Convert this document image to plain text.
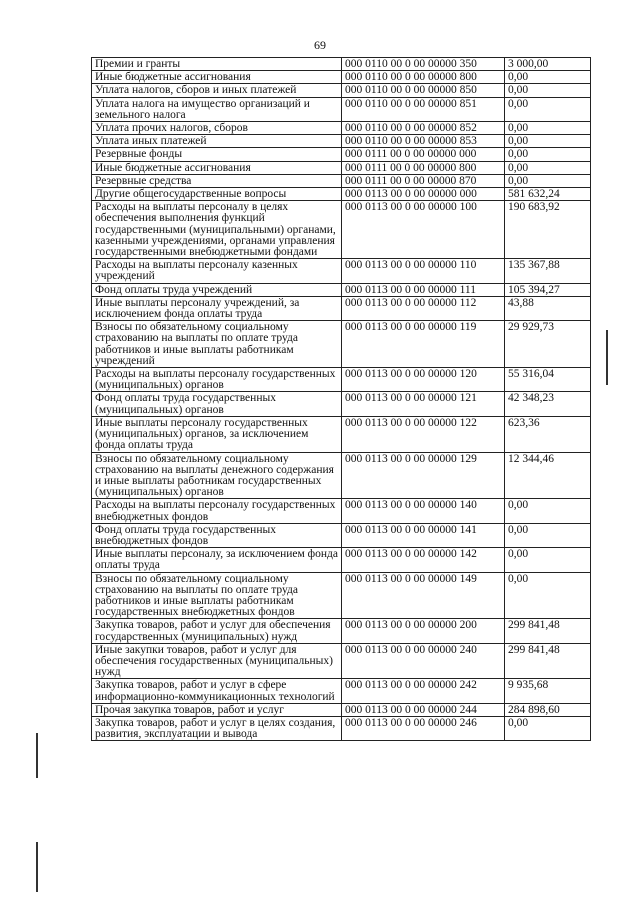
69
Премии и гранты	000 0110 00 0 00 00000 350	3 000,00
Иные бюджетные ассигнования	000 0110 00 0 00 00000 800	0,00
Уплата налогов, сборов и иных платежей	000 0110 00 0 00 00000 850	0,00
Уплата налога на имущество организаций и земельного налога	000 0110 00 0 00 00000 851	0,00
Уплата прочих налогов, сборов	000 0110 00 0 00 00000 852	0,00
Уплата иных платежей	000 0110 00 0 00 00000 853	0,00
Резервные фонды	000 0111 00 0 00 00000 000	0,00
Иные бюджетные ассигнования	000 0111 00 0 00 00000 800	0,00
Резервные средства	000 0111 00 0 00 00000 870	0,00
Другие общегосударственные вопросы	000 0113 00 0 00 00000 000	581 632,24
Расходы на выплаты персоналу в целях обеспечения выполнения функций государственными (муниципальными) органами, казенными учреждениями, органами управления государственными внебюджетными фондами	000 0113 00 0 00 00000 100	190 683,92
Расходы на выплаты персоналу казенных учреждений	000 0113 00 0 00 00000 110	135 367,88
Фонд оплаты труда учреждений	000 0113 00 0 00 00000 111	105 394,27
Иные выплаты персоналу учреждений, за исключением фонда оплаты труда	000 0113 00 0 00 00000 112	43,88
Взносы по обязательному социальному страхованию на выплаты по оплате труда работников и иные выплаты работникам учреждений	000 0113 00 0 00 00000 119	29 929,73
Расходы на выплаты персоналу государственных (муниципальных) органов	000 0113 00 0 00 00000 120	55 316,04
Фонд оплаты труда государственных (муниципальных) органов	000 0113 00 0 00 00000 121	42 348,23
Иные выплаты персоналу государственных (муниципальных) органов, за исключением фонда оплаты труда	000 0113 00 0 00 00000 122	623,36
Взносы по обязательному социальному страхованию на выплаты денежного содержания и иные выплаты работникам государственных (муниципальных) органов	000 0113 00 0 00 00000 129	12 344,46
Расходы на выплаты персоналу государственных внебюджетных фондов	000 0113 00 0 00 00000 140	0,00
Фонд оплаты труда государственных внебюджетных фондов	000 0113 00 0 00 00000 141	0,00
Иные выплаты персоналу, за исключением фонда оплаты труда	000 0113 00 0 00 00000 142	0,00
Взносы по обязательному социальному страхованию на выплаты по оплате труда работников и иные выплаты работникам государственных внебюджетных фондов	000 0113 00 0 00 00000 149	0,00
Закупка товаров, работ и услуг для обеспечения государственных (муниципальных) нужд	000 0113 00 0 00 00000 200	299 841,48
Иные закупки товаров, работ и услуг для обеспечения государственных (муниципальных) нужд	000 0113 00 0 00 00000 240	299 841,48
Закупка товаров, работ и услуг в сфере информационно-коммуникационных технологий	000 0113 00 0 00 00000 242	9 935,68
Прочая закупка товаров, работ и услуг	000 0113 00 0 00 00000 244	284 898,60
Закупка товаров, работ и услуг в целях создания, развития, эксплуатации и вывода	000 0113 00 0 00 00000 246	0,00
